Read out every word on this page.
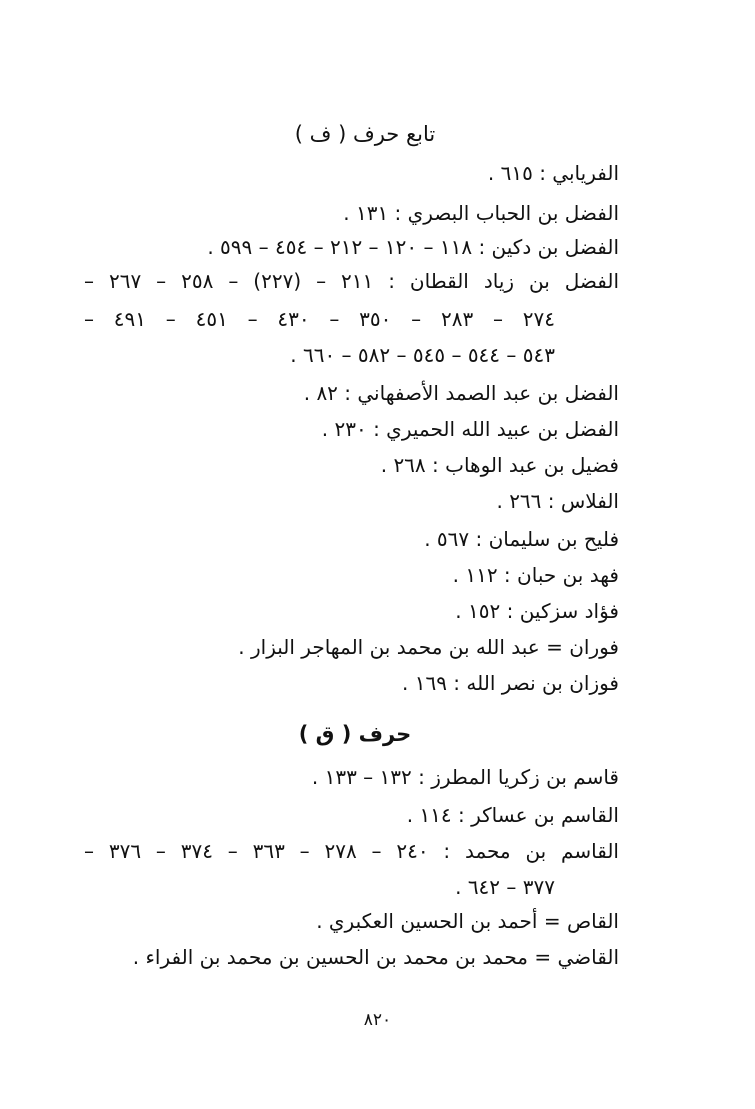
تابع حرف ( ف )
الفريابي : ٦١٥ .
الفضل بن الحباب البصري : ١٣١ .
الفضل بن دكين : ١١٨ – ١٢٠ – ٢١٢ – ٤٥٤ – ٥٩٩ .
الفضل بن زياد القطان : ٢١١ – (٢٢٧) – ٢٥٨ – ٢٦٧ –
٢٧٤ – ٢٨٣ – ٣٥٠ – ٤٣٠ – ٤٥١ – ٤٩١ –
٥٤٣ – ٥٤٤ – ٥٤٥ – ٥٨٢ – ٦٦٠ .
الفضل بن عبد الصمد الأصفهاني : ٨٢ .
الفضل بن عبيد الله الحميري : ٢٣٠ .
فضيل بن عبد الوهاب : ٢٦٨ .
الفلاس : ٢٦٦ .
فليح بن سليمان : ٥٦٧ .
فهد بن حبان : ١١٢ .
فؤاد سزكين : ١٥٢ .
فوران = عبد الله بن محمد بن المهاجر البزار .
فوزان بن نصر الله : ١٦٩ .
حرف ( ق )
قاسم بن زكريا المطرز : ١٣٢ – ١٣٣ .
القاسم بن عساكر : ١١٤ .
القاسم بن محمد : ٢٤٠ – ٢٧٨ – ٣٦٣ – ٣٧٤ – ٣٧٦ –
٣٧٧ – ٦٤٢ .
القاص = أحمد بن الحسين العكبري .
القاضي = محمد بن محمد بن الحسين بن محمد بن الفراء .
٨٢٠
